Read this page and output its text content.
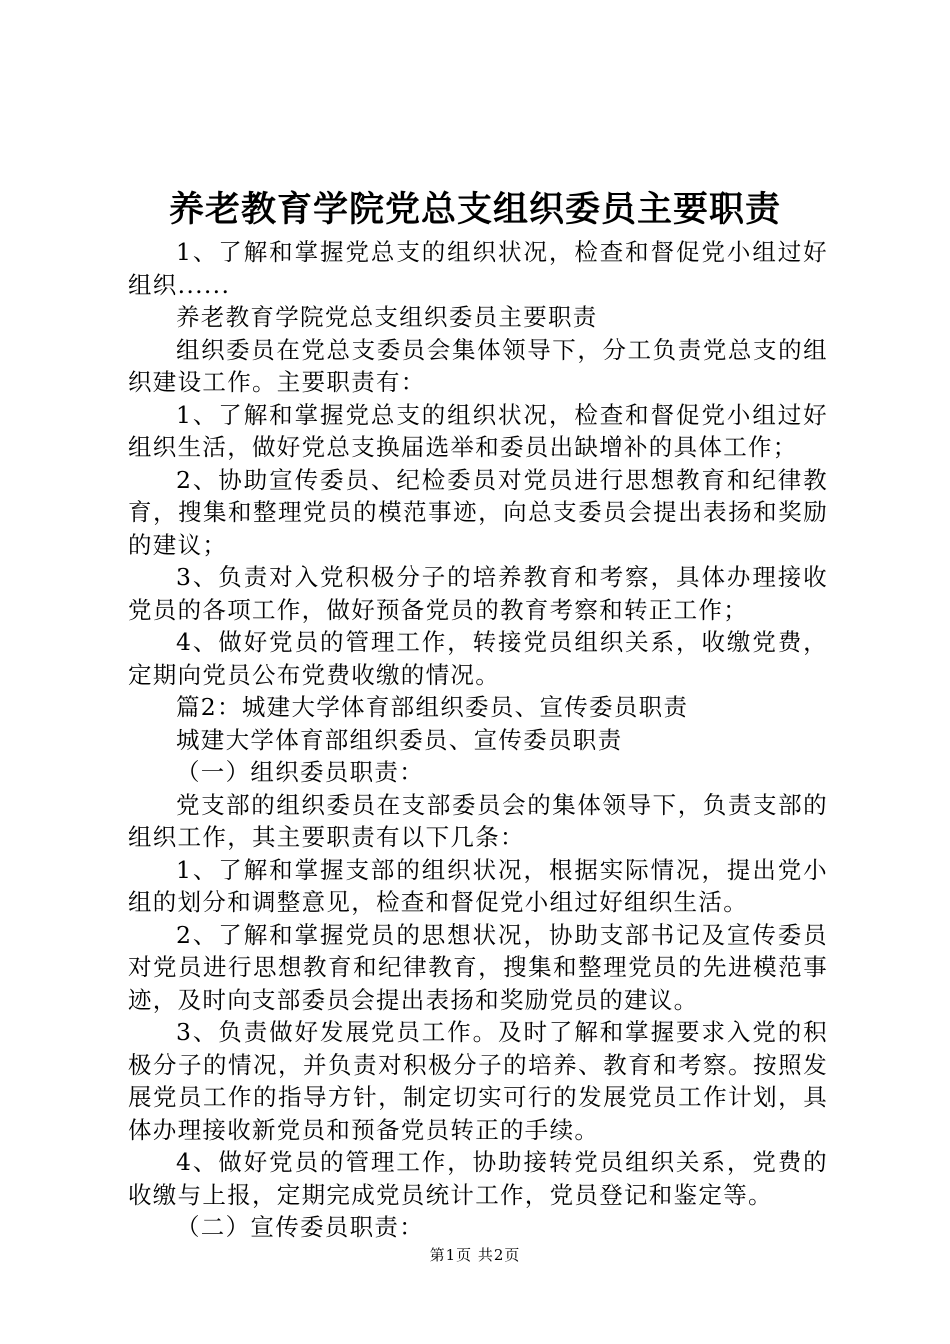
养老教育学院党总支组织委员主要职责

1、了解和掌握党总支的组织状况，检查和督促党小组过好组织......

养老教育学院党总支组织委员主要职责

组织委员在党总支委员会集体领导下，分工负责党总支的组织建设工作。主要职责有：

1、了解和掌握党总支的组织状况，检查和督促党小组过好组织生活，做好党总支换届选举和委员出缺增补的具体工作；

2、协助宣传委员、纪检委员对党员进行思想教育和纪律教育，搜集和整理党员的模范事迹，向总支委员会提出表扬和奖励的建议；

3、负责对入党积极分子的培养教育和考察，具体办理接收党员的各项工作，做好预备党员的教育考察和转正工作；

4、做好党员的管理工作，转接党员组织关系，收缴党费，定期向党员公布党费收缴的情况。

篇2：城建大学体育部组织委员、宣传委员职责

城建大学体育部组织委员、宣传委员职责

（一）组织委员职责：

党支部的组织委员在支部委员会的集体领导下，负责支部的组织工作，其主要职责有以下几条：

1、了解和掌握支部的组织状况，根据实际情况，提出党小组的划分和调整意见，检查和督促党小组过好组织生活。

2、了解和掌握党员的思想状况，协助支部书记及宣传委员对党员进行思想教育和纪律教育，搜集和整理党员的先进模范事迹，及时向支部委员会提出表扬和奖励党员的建议。

3、负责做好发展党员工作。及时了解和掌握要求入党的积极分子的情况，并负责对积极分子的培养、教育和考察。按照发展党员工作的指导方针，制定切实可行的发展党员工作计划，具体办理接收新党员和预备党员转正的手续。

4、做好党员的管理工作，协助接转党员组织关系，党费的收缴与上报，定期完成党员统计工作，党员登记和鉴定等。

（二）宣传委员职责：

第1页 共2页
